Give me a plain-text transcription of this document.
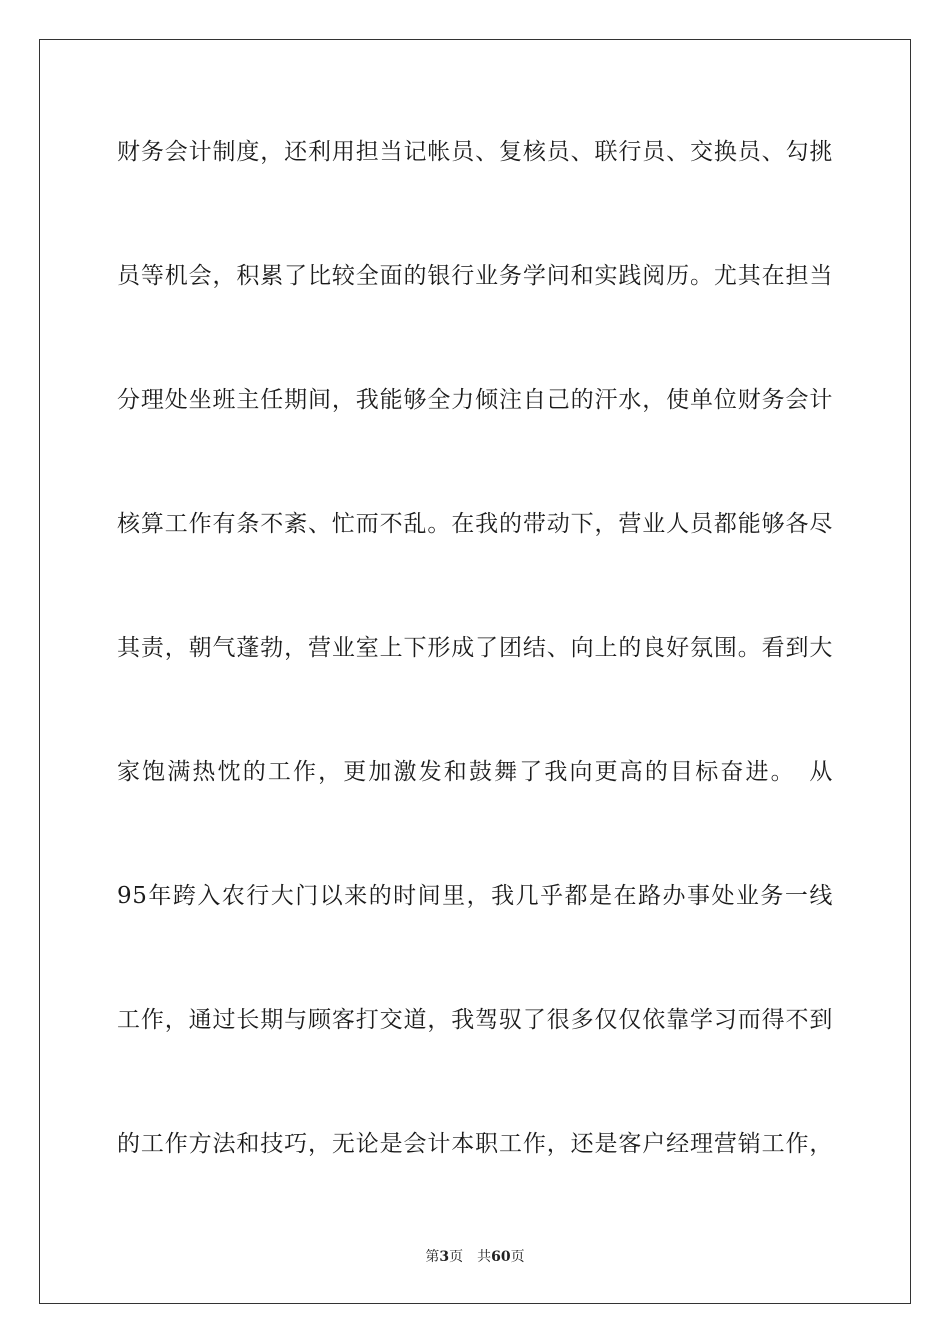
财务会计制度，还利用担当记帐员、复核员、联行员、交换员、勾挑
员等机会，积累了比较全面的银行业务学问和实践阅历。尤其在担当
分理处坐班主任期间，我能够全力倾注自己的汗水，使单位财务会计
核算工作有条不紊、忙而不乱。在我的带动下，营业人员都能够各尽
其责，朝气蓬勃，营业室上下形成了团结、向上的良好氛围。看到大
家饱满热忱的工作，更加激发和鼓舞了我向更高的目标奋进。　从
95年跨入农行大门以来的时间里，我几乎都是在路办事处业务一线
工作，通过长期与顾客打交道，我驾驭了很多仅仅依靠学习而得不到
的工作方法和技巧，无论是会计本职工作，还是客户经理营销工作，
第3页 共60页
